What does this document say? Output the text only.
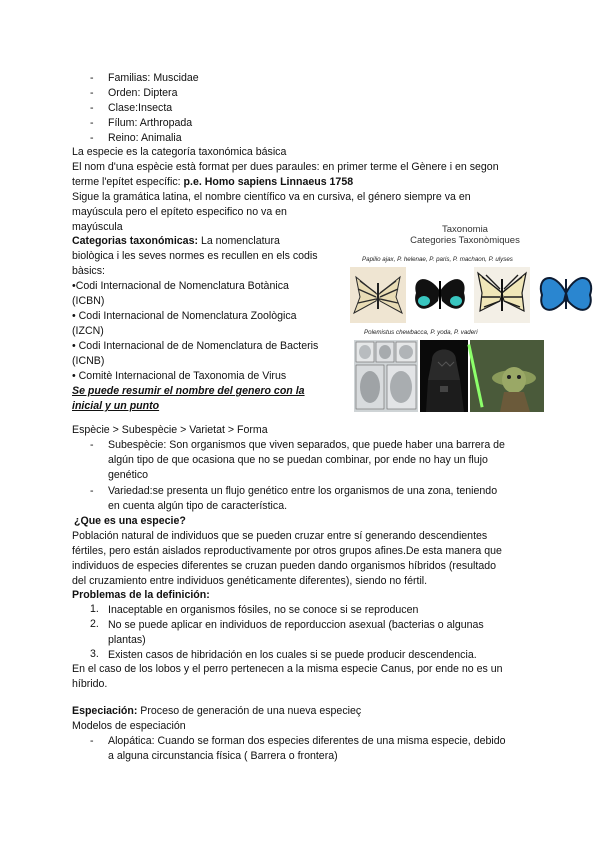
- Familias: Muscidae
- Orden: Diptera
- Clase:Insecta
- Fílum: Arthropada
- Reino: Animalia
La especie es la categoría taxonómica básica
El nom d'una espècie està format per dues paraules: en primer terme el Gènere i en segon
terme l'epítet específic: p.e. Homo sapiens Linnaeus 1758
Sigue la gramática latina, el nombre científico va en cursiva, el género siempre va en
mayúscula pero el epíteto especifico no va en
mayúscula
Categorias taxonómicas: La nomenclatura
biològica i les seves normes es recullen en els codis
bàsics:
•Codi Internacional de Nomenclatura Botànica
(ICBN)
• Codi Internacional de Nomenclatura Zoològica
(IZCN)
• Codi Internacional de de Nomenclatura de Bacteris
(ICNB)
• Comitè Internacional de Taxonomia de Virus
Se puede resumir el nombre del genero con la
inicial y un punto
Taxonomia
Categories Taxonòmiques
Papilio ajax, P. helenae, P. paris, P. machaon, P. ulyses
Polemistus chewbacca, P. yoda, P. vaderi
Espècie > Subespècie > Varietat > Forma
- Subespècie: Son organismos que viven separados, que puede haber una barrera de
algún tipo de que ocasiona que no se puedan combinar, por ende no hay un flujo
genético
- Variedad:se presenta un flujo genético entre los organismos de una zona, teniendo
en cuenta algún tipo de característica.
¿Que es una especie?
Población natural de individuos que se pueden cruzar entre sí generando descendientes
fértiles, pero están aislados reproductivamente por otros grupos afines.De esta manera que
individuos de especies diferentes se cruzan pueden dando organismos híbridos (resultado
del cruzamiento entre individuos genéticamente diferentes), siendo no fértil.
Problemas de la definición:
1. Inaceptable en organismos fósiles, no se conoce si se reproducen
2. No se puede aplicar en individuos de reporduccion asexual (bacterias o algunas
plantas)
3. Existen casos de hibridación en los cuales si se puede producir descendencia.
En el caso de los lobos y el perro pertenecen a la misma especie Canus, por ende no es un
híbrido.
Especiación: Proceso de generación de una nueva especieç
Modelos de especiación
- Alopática: Cuando se forman dos especies diferentes de una misma especie, debido
a alguna circunstancia física ( Barrera o frontera)
